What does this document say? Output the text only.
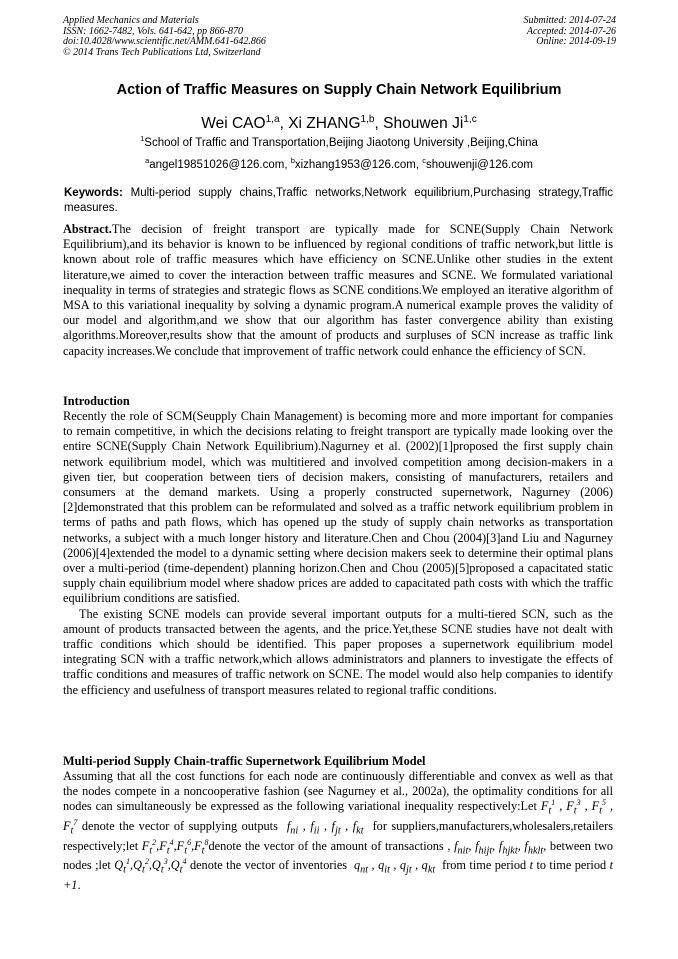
Applied Mechanics and Materials
ISSN: 1662-7482, Vols. 641-642, pp 866-870
doi:10.4028/www.scientific.net/AMM.641-642.866
© 2014 Trans Tech Publications Ltd, Switzerland
Submitted: 2014-07-24
Accepted: 2014-07-26
Online: 2014-09-19
Action of Traffic Measures on Supply Chain Network Equilibrium
Wei CAO$^{1,a}$, Xi ZHANG$^{1,b}$, Shouwen Ji$^{1,c}$
$^1$School of Traffic and Transportation,Beijing Jiaotong University ,Beijing,China
$^a$angel19851026@126.com, $^b$xizhang1953@126.com, $^c$shouwenji@126.com
Keywords: Multi-period supply chains,Traffic networks,Network equilibrium,Purchasing strategy,Traffic measures.

Abstract.The decision of freight transport are typically made for SCNE(Supply Chain Network Equilibrium),and its behavior is known to be influenced by regional conditions of traffic network,but little is known about role of traffic measures which have efficiency on SCNE.Unlike other studies in the extent literature,we aimed to cover the interaction between traffic measures and SCNE. We formulated variational inequality in terms of strategies and strategic flows as SCNE conditions.We employed an iterative algorithm of MSA to this variational inequality by solving a dynamic program.A numerical example proves the validity of our model and algorithm,and we show that our algorithm has faster convergence ability than existing algorithms.Moreover,results show that the amount of products and surpluses of SCN increase as traffic link capacity increases.We conclude that improvement of traffic network could enhance the efficiency of SCN.

Introduction

Recently the role of SCM(Seupply Chain Management) is becoming more and more important for companies to remain competitive, in which the decisions relating to freight transport are typically made looking over the entire SCNE(Supply Chain Network Equilibrium).Nagurney et al. (2002)[1]proposed the first supply chain network equilibrium model, which was multitiered and involved competition among decision-makers in a given tier, but cooperation between tiers of decision makers, consisting of manufacturers, retailers and consumers at the demand markets. Using a properly constructed supernetwork, Nagurney (2006)[2]demonstrated that this problem can be reformulated and solved as a traffic network equilibrium problem in terms of paths and path flows, which has opened up the study of supply chain networks as transportation networks, a subject with a much longer history and literature.Chen and Chou (2004)[3]and Liu and Nagurney (2006)[4]extended the model to a dynamic setting where decision makers seek to determine their optimal plans over a multi-period (time-dependent) planning horizon.Chen and Chou (2005)[5]proposed a capacitated static supply chain equilibrium model where shadow prices are added to capacitated path costs with which the traffic equilibrium conditions are satisfied.

The existing SCNE models can provide several important outputs for a multi-tiered SCN, such as the amount of products transacted between the agents, and the price.Yet,these SCNE studies have not dealt with traffic conditions which should be identified. This paper proposes a supernetwork equilibrium model integrating SCN with a traffic network,which allows administrators and planners to investigate the effects of traffic conditions and measures of traffic network on SCNE. The model would also help companies to identify the efficiency and usefulness of transport measures related to regional traffic conditions.

Multi-period Supply Chain-traffic Supernetwork Equilibrium Model

Assuming that all the cost functions for each node are continuously differentiable and convex as well as that the nodes compete in a noncooperative fashion (see Nagurney et al., 2002a), the optimality conditions for all nodes can simultaneously be expressed as the following variational inequality respectively:Let $F_t^1$ , $F_t^3$ , $F_t^5$ , $F_t^7$ denote the vector of supplying outputs  $f_{ni}$ , $f_{ii}$ , $f_{jt}$ , $f_{kt}$ for suppliers,manufacturers,wholesalers,retailers respectively;let $F_t^2,F_t^4,F_t^6,F_t^8denote$ the vector of the amount of transactions , $f_{nit}$, $f_{hijt}$, $f_{hjkt}$, $f_{hklt}$, between two nodes ;let $Q_t^1,Q_t^2,Q_t^3,Q_t^4$ denote the vector of inventories  $q_{nt}$ , $q_{it}$ , $q_{jt}$ , $q_{kt}$ from time period t to time period t +1.
